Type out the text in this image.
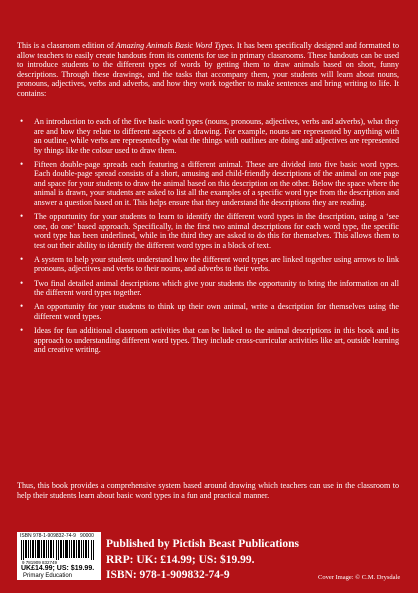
This is a classroom edition of Amazing Animals Basic Word Types. It has been specifically designed and formatted to allow teachers to easily create handouts from its contents for use in primary classrooms. These handouts can be used to introduce students to the different types of words by getting them to draw animals based on short, funny descriptions. Through these drawings, and the tasks that accompany them, your students will learn about nouns, pronouns, adjectives, verbs and adverbs, and how they work together to make sentences and bring writing to life. It contains:
• An introduction to each of the five basic word types (nouns, pronouns, adjectives, verbs and adverbs), what they are and how they relate to different aspects of a drawing. For example, nouns are represented by anything with an outline, while verbs are represented by what the things with outlines are doing and adjectives are represented by things like the colour used to draw them.
• Fifteen double-page spreads each featuring a different animal. These are divided into five basic word types. Each double-page spread consists of a short, amusing and child-friendly descriptions of the animal on one page and space for your students to draw the animal based on this description on the other. Below the space where the animal is drawn, your students are asked to list all the examples of a specific word type from the description and answer a question based on it. This helps ensure that they understand the descriptions they are reading.
• The opportunity for your students to learn to identify the different word types in the description, using a ‘see one, do one’ based approach. Specifically, in the first two animal descriptions for each word type, the specific word type has been underlined, while in the third they are asked to do this for themselves. This allows them to test out their ability to identify the different word types in a block of text.
• A system to help your students understand how the different word types are linked together using arrows to link pronouns, adjectives and verbs to their nouns, and adverbs to their verbs.
• Two final detailed animal descriptions which give your students the opportunity to bring the information on all the different word types together.
• An opportunity for your students to think up their own animal, write a description for themselves using the different word types.
• Ideas for fun additional classroom activities that can be linked to the animal descriptions in this book and its approach to understanding different word types. They include cross-curricular activities like art, outside learning and creative writing.
Thus, this book provides a comprehensive system based around drawing which teachers can use in the classroom to help their students learn about basic word types in a fun and practical manner.
ISBN 978-1-909832-74-9 90000
9 781909 832749
UK£14.99; US: $19.99.
Primary Education
Published by Pictish Beast Publications
RRP: UK: £14.99; US: $19.99.
ISBN: 978-1-909832-74-9	Cover Image: © C.M. Drysdale
